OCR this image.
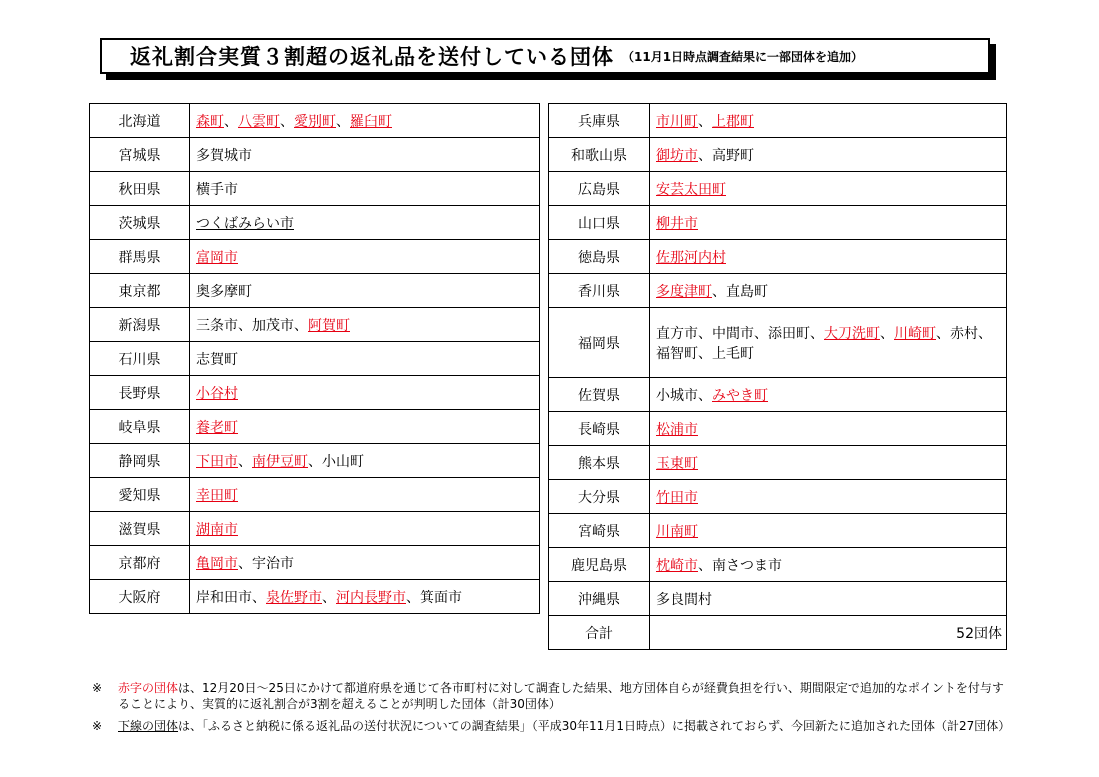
返礼割合実質３割超の返礼品を送付している団体 （11月1日時点調査結果に一部団体を追加）
北海道	森町、八雲町、愛別町、羅臼町
宮城県	多賀城市
秋田県	横手市
茨城県	つくばみらい市
群馬県	富岡市
東京都	奥多摩町
新潟県	三条市、加茂市、阿賀町
石川県	志賀町
長野県	小谷村
岐阜県	養老町
静岡県	下田市、南伊豆町、小山町
愛知県	幸田町
滋賀県	湖南市
京都府	亀岡市、宇治市
大阪府	岸和田市、泉佐野市、河内長野市、箕面市
兵庫県	市川町、上郡町
和歌山県	御坊市、高野町
広島県	安芸太田町
山口県	柳井市
徳島県	佐那河内村
香川県	多度津町、直島町
福岡県	直方市、中間市、添田町、大刀洗町、川崎町、赤村、福智町、上毛町
佐賀県	小城市、みやき町
長崎県	松浦市
熊本県	玉東町
大分県	竹田市
宮崎県	川南町
鹿児島県	枕崎市、南さつま市
沖縄県	多良間村
合計	52団体
※	赤字の団体は、12月20日～25日にかけて都道府県を通じて各市町村に対して調査した結果、地方団体自らが経費負担を行い、期間限定で追加的なポイントを付与することにより、実質的に返礼割合が3割を超えることが判明した団体（計30団体）
※	下線の団体は、「ふるさと納税に係る返礼品の送付状況についての調査結果」（平成30年11月1日時点）に掲載されておらず、今回新たに追加された団体（計27団体）
